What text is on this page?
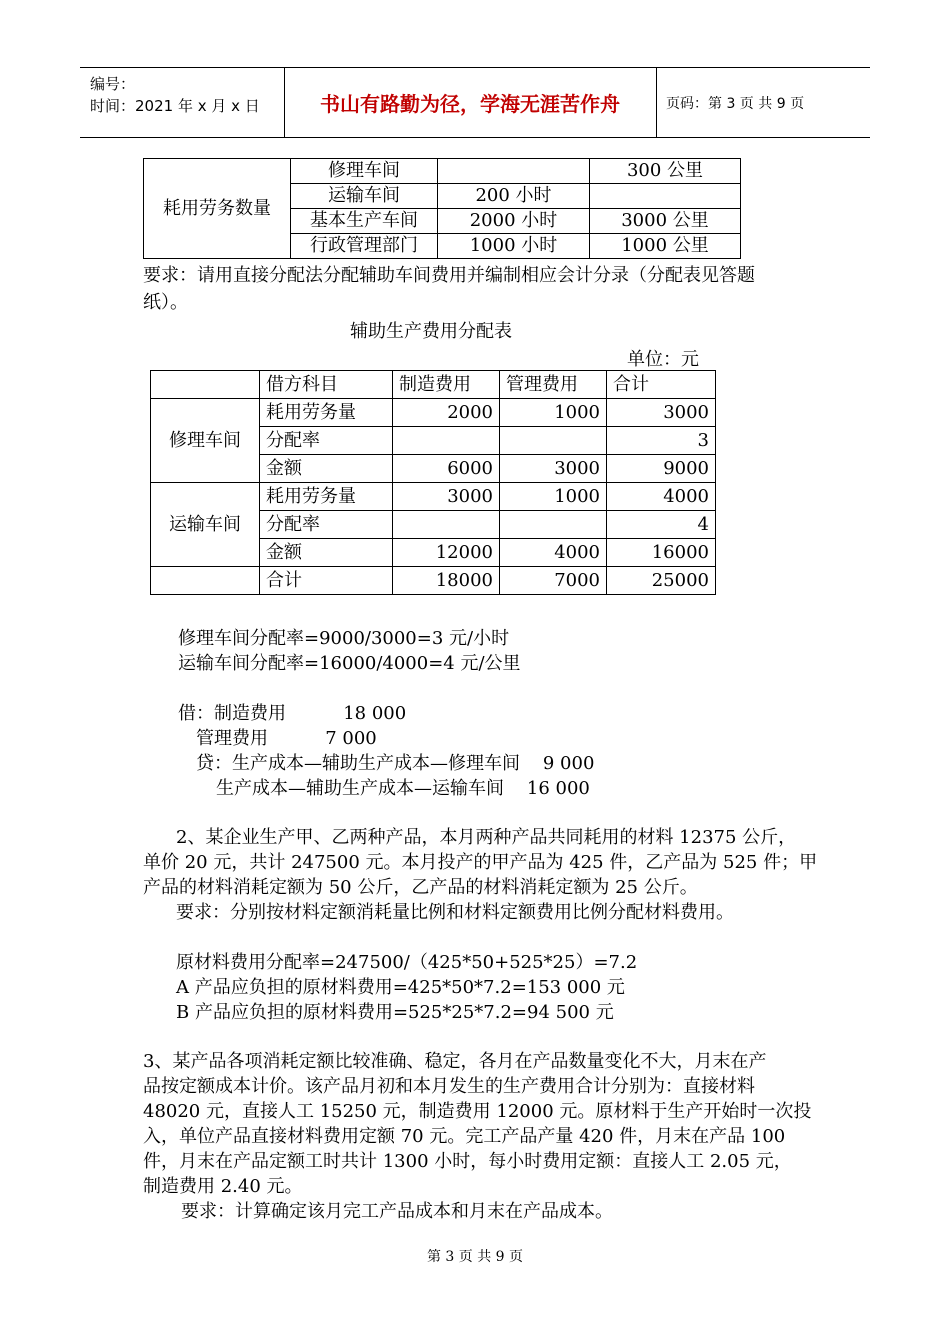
编号：
时间：2021 年 x 月 x 日	书山有路勤为径，学海无涯苦作舟	页码：第 3 页 共 9 页
耗用劳务数量	修理车间		300 公里
	运输车间	200 小时	
	基本生产车间	2000 小时	3000 公里
	行政管理部门	1000 小时	1000 公里
要求：请用直接分配法分配辅助车间费用并编制相应会计分录（分配表见答题
纸）。
辅助生产费用分配表
单位：元
	借方科目	制造费用	管理费用	合计
修理车间	耗用劳务量	2000	1000	3000
	分配率			3
	金额	6000	3000	9000
运输车间	耗用劳务量	3000	1000	4000
	分配率			4
	金额	12000	4000	16000
	合计	18000	7000	25000
修理车间分配率=9000/3000=3 元/小时
运输车间分配率=16000/4000=4 元/公里
借：制造费用          18 000
管理费用          7 000
贷：生产成本—辅助生产成本—修理车间    9 000
生产成本—辅助生产成本—运输车间    16 000
2、某企业生产甲、乙两种产品，本月两种产品共同耗用的材料 12375 公斤，
单价 20 元，共计 247500 元。本月投产的甲产品为 425 件，乙产品为 525 件；甲
产品的材料消耗定额为 50 公斤，乙产品的材料消耗定额为 25 公斤。
要求：分别按材料定额消耗量比例和材料定额费用比例分配材料费用。
原材料费用分配率=247500/（425*50+525*25）=7.2
A 产品应负担的原材料费用=425*50*7.2=153 000 元
B 产品应负担的原材料费用=525*25*7.2=94 500 元
3、某产品各项消耗定额比较准确、稳定，各月在产品数量变化不大，月末在产
品按定额成本计价。该产品月初和本月发生的生产费用合计分别为：直接材料
48020 元，直接人工 15250 元，制造费用 12000 元。原材料于生产开始时一次投
入，单位产品直接材料费用定额 70 元。完工产品产量 420 件，月末在产品 100
件，月末在产品定额工时共计 1300 小时，每小时费用定额：直接人工 2.05 元，
制造费用 2.40 元。
要求：计算确定该月完工产品成本和月末在产品成本。
第 3 页 共 9 页
